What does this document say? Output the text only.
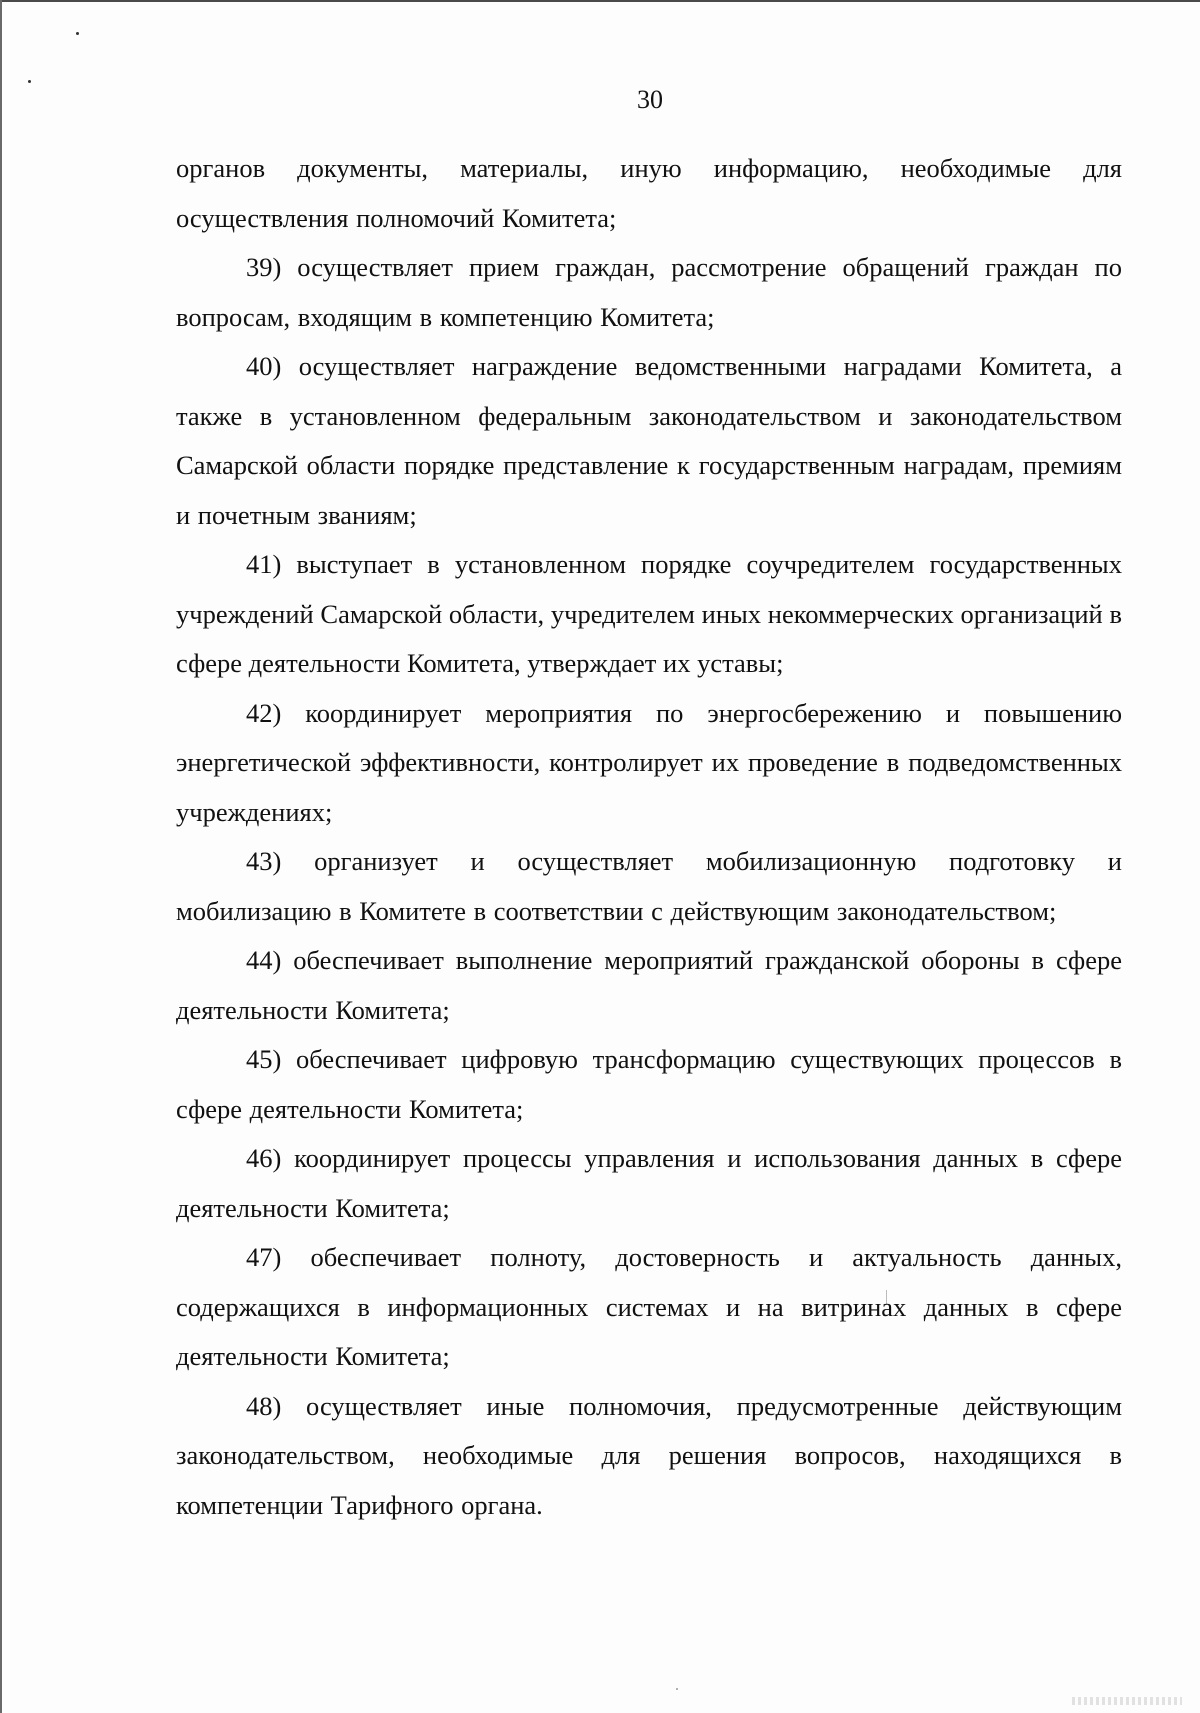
30

органов документы, материалы, иную информацию, необходимые для осуществления полномочий Комитета;

39) осуществляет прием граждан, рассмотрение обращений граждан по вопросам, входящим в компетенцию Комитета;

40) осуществляет награждение ведомственными наградами Комитета, а также в установленном федеральным законодательством и законодательством Самарской области порядке представление к государственным наградам, премиям и почетным званиям;

41) выступает в установленном порядке соучредителем государственных учреждений Самарской области, учредителем иных некоммерческих организаций в сфере деятельности Комитета, утверждает их уставы;

42) координирует мероприятия по энергосбережению и повышению энергетической эффективности, контролирует их проведение в подведомственных учреждениях;

43) организует и осуществляет мобилизационную подготовку и мобилизацию в Комитете в соответствии с действующим законодательством;

44) обеспечивает выполнение мероприятий гражданской обороны в сфере деятельности Комитета;

45) обеспечивает цифровую трансформацию существующих процессов в сфере деятельности Комитета;

46) координирует процессы управления и использования данных в сфере деятельности Комитета;

47) обеспечивает полноту, достоверность и актуальность данных, содержащихся в информационных системах и на витринах данных в сфере деятельности Комитета;

48) осуществляет иные полномочия, предусмотренные действующим законодательством, необходимые для решения вопросов, находящихся в компетенции Тарифного органа.
